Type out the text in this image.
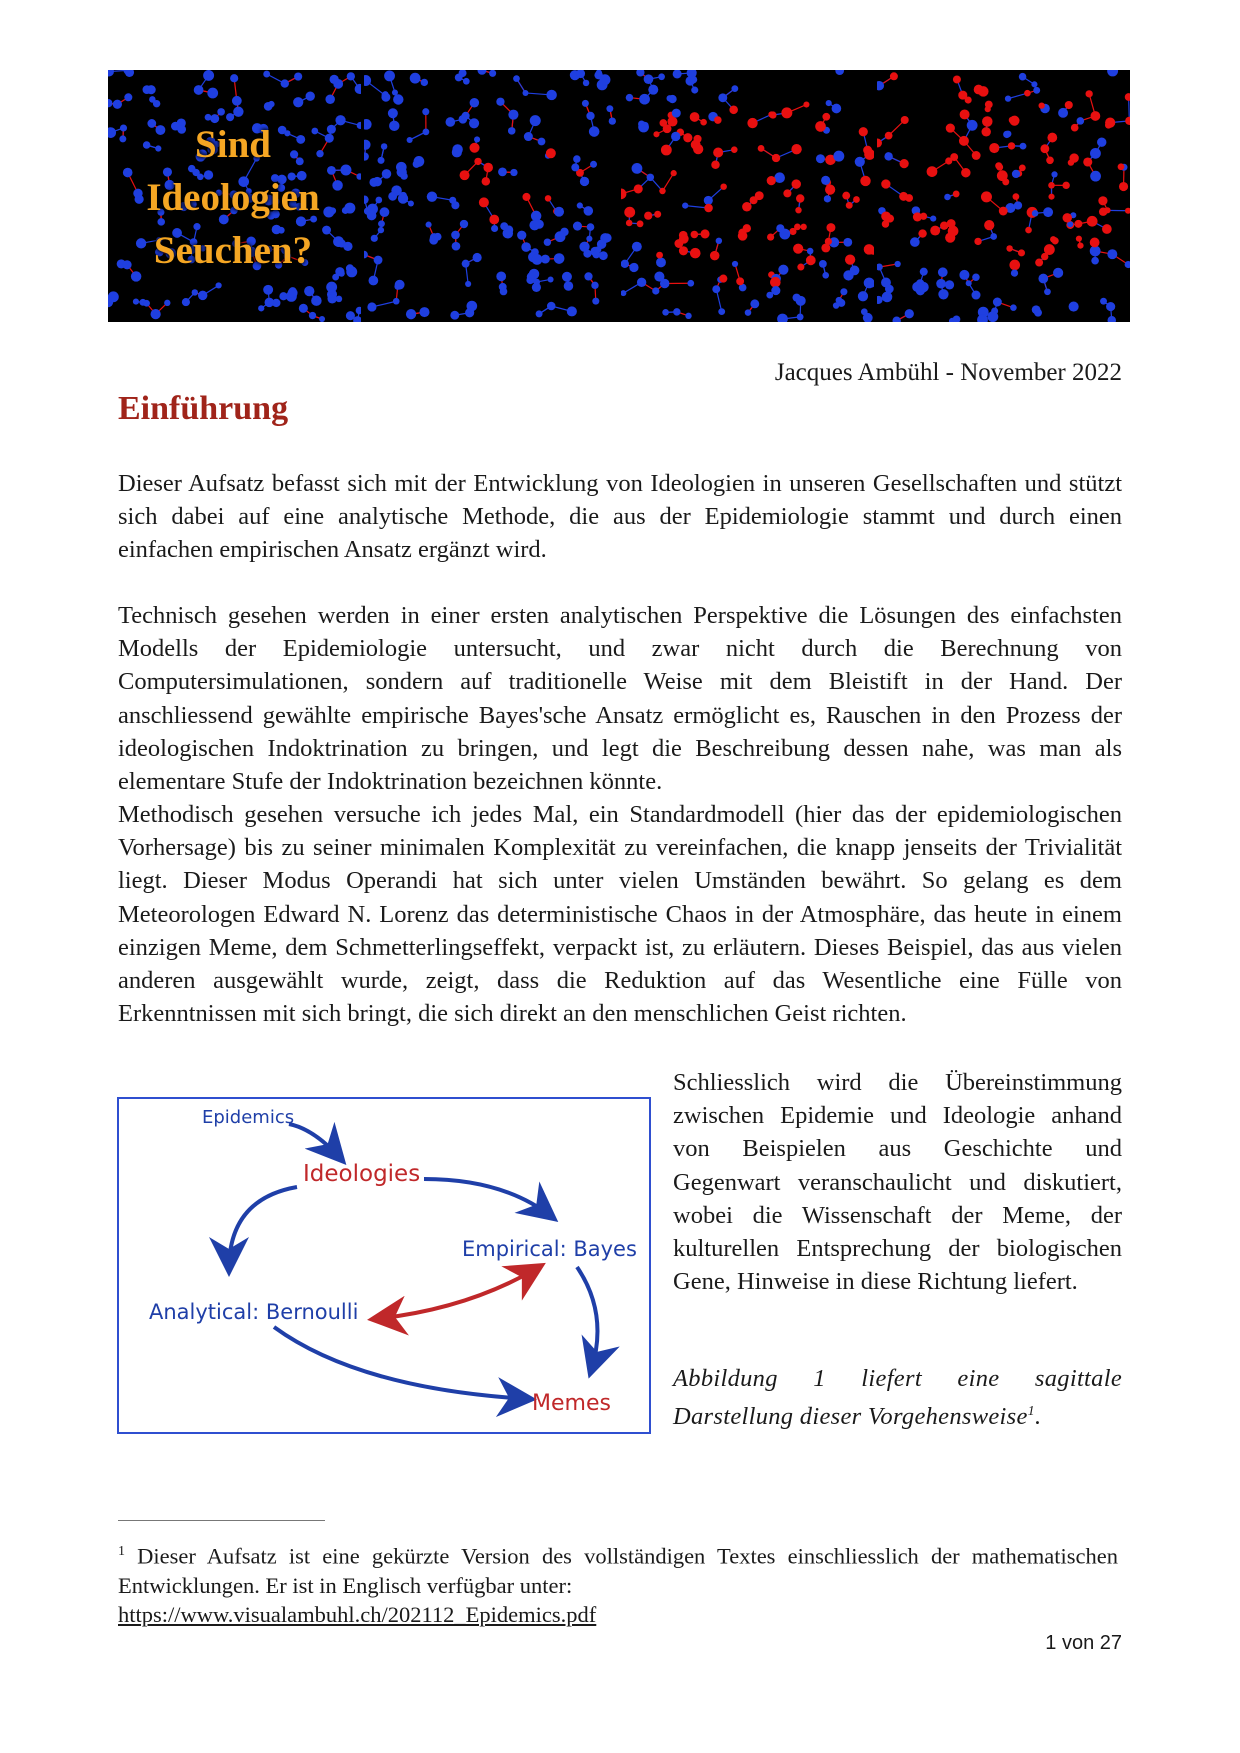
Sind
Ideologien
Seuchen?
Jacques Ambühl - November 2022
Einführung

Dieser Aufsatz befasst sich mit der Entwicklung von Ideologien in unseren Gesellschaften und stützt sich dabei auf eine analytische Methode, die aus der Epidemiologie stammt und durch einen einfachen empirischen Ansatz ergänzt wird.

Technisch gesehen werden in einer ersten analytischen Perspektive die Lösungen des einfachsten Modells der Epidemiologie untersucht, und zwar nicht durch die Berechnung von Computersimulationen, sondern auf traditionelle Weise mit dem Bleistift in der Hand. Der anschliessend gewählte empirische Bayes'sche Ansatz ermöglicht es, Rauschen in den Prozess der ideologischen Indoktrination zu bringen, und legt die Beschreibung dessen nahe, was man als elementare Stufe der Indoktrination bezeichnen könnte.

Methodisch gesehen versuche ich jedes Mal, ein Standardmodell (hier das der epidemiologischen Vorhersage) bis zu seiner minimalen Komplexität zu vereinfachen, die knapp jenseits der Trivialität liegt. Dieser Modus Operandi hat sich unter vielen Umständen bewährt. So gelang es dem Meteorologen Edward N. Lorenz das deterministische Chaos in der Atmosphäre, das heute in einem einzigen Meme, dem Schmetterlingseffekt, verpackt ist, zu erläutern. Dieses Beispiel, das aus vielen anderen ausgewählt wurde, zeigt, dass die Reduktion auf das Wesentliche eine Fülle von Erkenntnissen mit sich bringt, die sich direkt an den menschlichen Geist richten.

Epidemics
Ideologies
Empirical: Bayes
Analytical: Bernoulli
Memes

Schliesslich wird die Übereinstimmung zwischen Epidemie und Ideologie anhand von Beispielen aus Geschichte und Gegenwart veranschaulicht und diskutiert, wobei die Wissenschaft der Meme, der kulturellen Entsprechung der biologischen Gene, Hinweise in diese Richtung liefert.

Abbildung 1 liefert eine sagittale Darstellung dieser Vorgehensweise$^1$.

$^1$ Dieser Aufsatz ist eine gekürzte Version des vollständigen Textes einschliesslich der mathematischen Entwicklungen. Er ist in Englisch verfügbar unter:
https://www.visualambuhl.ch/202112_Epidemics.pdf

1 von 27
